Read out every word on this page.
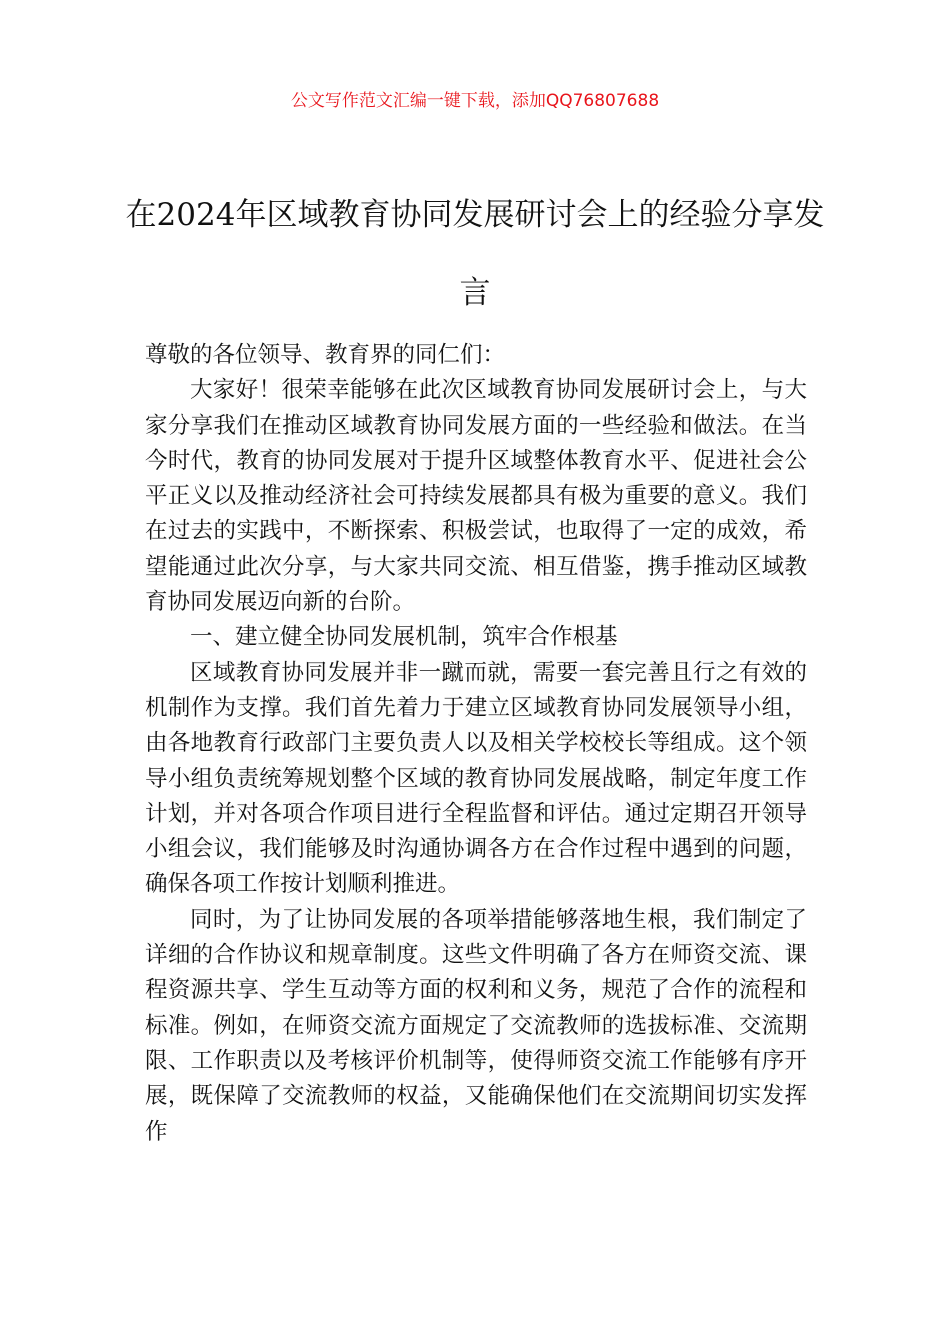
公文写作范文汇编一键下载，添加QQ76807688
在2024年区域教育协同发展研讨会上的经验分享发言

尊敬的各位领导、教育界的同仁们：

大家好！很荣幸能够在此次区域教育协同发展研讨会上，与大家分享我们在推动区域教育协同发展方面的一些经验和做法。在当今时代，教育的协同发展对于提升区域整体教育水平、促进社会公平正义以及推动经济社会可持续发展都具有极为重要的意义。我们在过去的实践中，不断探索、积极尝试，也取得了一定的成效，希望能通过此次分享，与大家共同交流、相互借鉴，携手推动区域教育协同发展迈向新的台阶。

一、建立健全协同发展机制，筑牢合作根基

区域教育协同发展并非一蹴而就，需要一套完善且行之有效的机制作为支撑。我们首先着力于建立区域教育协同发展领导小组，由各地教育行政部门主要负责人以及相关学校校长等组成。这个领导小组负责统筹规划整个区域的教育协同发展战略，制定年度工作计划，并对各项合作项目进行全程监督和评估。通过定期召开领导小组会议，我们能够及时沟通协调各方在合作过程中遇到的问题，确保各项工作按计划顺利推进。

同时，为了让协同发展的各项举措能够落地生根，我们制定了详细的合作协议和规章制度。这些文件明确了各方在师资交流、课程资源共享、学生互动等方面的权利和义务，规范了合作的流程和标准。例如，在师资交流方面规定了交流教师的选拔标准、交流期限、工作职责以及考核评价机制等，使得师资交流工作能够有序开展，既保障了交流教师的权益，又能确保他们在交流期间切实发挥作
